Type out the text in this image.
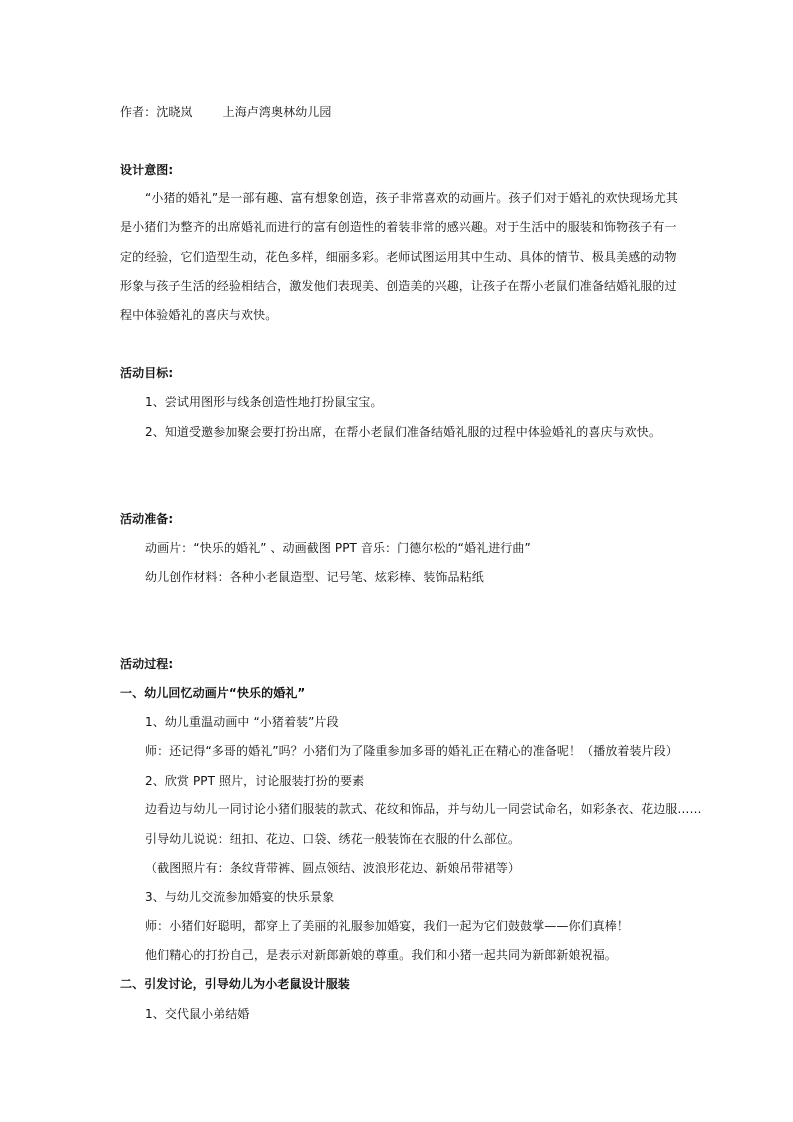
作者：沈晓岚	上海卢湾奥林幼儿园
设计意图:
“小猪的婚礼”是一部有趣、富有想象创造，孩子非常喜欢的动画片。孩子们对于婚礼的欢快现场尤其
是小猪们为整齐的出席婚礼而进行的富有创造性的着装非常的感兴趣。对于生活中的服装和饰物孩子有一
定的经验，它们造型生动，花色多样，细丽多彩。老师试图运用其中生动、具体的情节、极具美感的动物
形象与孩子生活的经验相结合，激发他们表现美、创造美的兴趣，让孩子在帮小老鼠们准备结婚礼服的过
程中体验婚礼的喜庆与欢快。
活动目标:
1、尝试用图形与线条创造性地打扮鼠宝宝。
2、知道受邀参加聚会要打扮出席，在帮小老鼠们准备结婚礼服的过程中体验婚礼的喜庆与欢快。
活动准备:
动画片：“快乐的婚礼” 、动画截图 PPT 音乐：门德尔松的“婚礼进行曲”
幼儿创作材料：各种小老鼠造型、记号笔、炫彩棒、装饰品粘纸
活动过程:
一、幼儿回忆动画片“快乐的婚礼”
1、幼儿重温动画中 “小猪着装”片段
师：还记得“多哥的婚礼”吗？小猪们为了隆重参加多哥的婚礼正在精心的准备呢！（播放着装片段）
2、欣赏 PPT 照片，讨论服装打扮的要素
边看边与幼儿一同讨论小猪们服装的款式、花纹和饰品，并与幼儿一同尝试命名，如彩条衣、花边服……
引导幼儿说说：纽扣、花边、口袋、绣花一般装饰在衣服的什么部位。
（截图照片有：条纹背带裤、圆点领结、波浪形花边、新娘吊带裙等）
3、与幼儿交流参加婚宴的快乐景象
师：小猪们好聪明，都穿上了美丽的礼服参加婚宴，我们一起为它们鼓鼓掌——你们真棒！
他们精心的打扮自己，是表示对新郎新娘的尊重。我们和小猪一起共同为新郎新娘祝福。
二、引发讨论，引导幼儿为小老鼠设计服装
1、交代鼠小弟结婚
